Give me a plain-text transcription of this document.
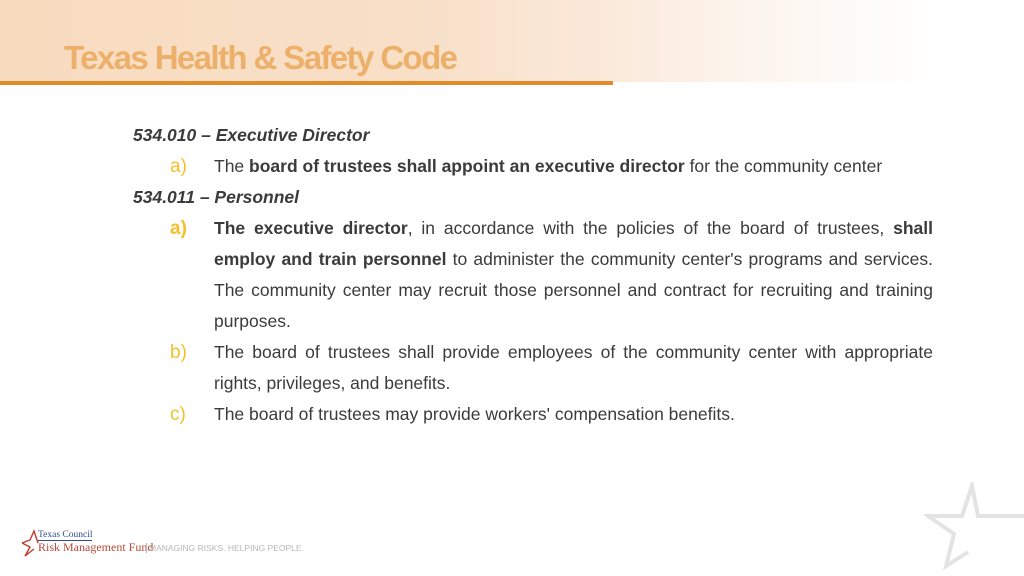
Texas Health & Safety Code
534.010 – Executive Director
a) The board of trustees shall appoint an executive director for the community center
534.011 – Personnel
a) The executive director, in accordance with the policies of the board of trustees, shall employ and train personnel to administer the community center's programs and services. The community center may recruit those personnel and contract for recruiting and training purposes.
b) The board of trustees shall provide employees of the community center with appropriate rights, privileges, and benefits.
c) The board of trustees may provide workers' compensation benefits.
Texas Council
Risk Management Fund
MANAGING RISKS. HELPING PEOPLE.
